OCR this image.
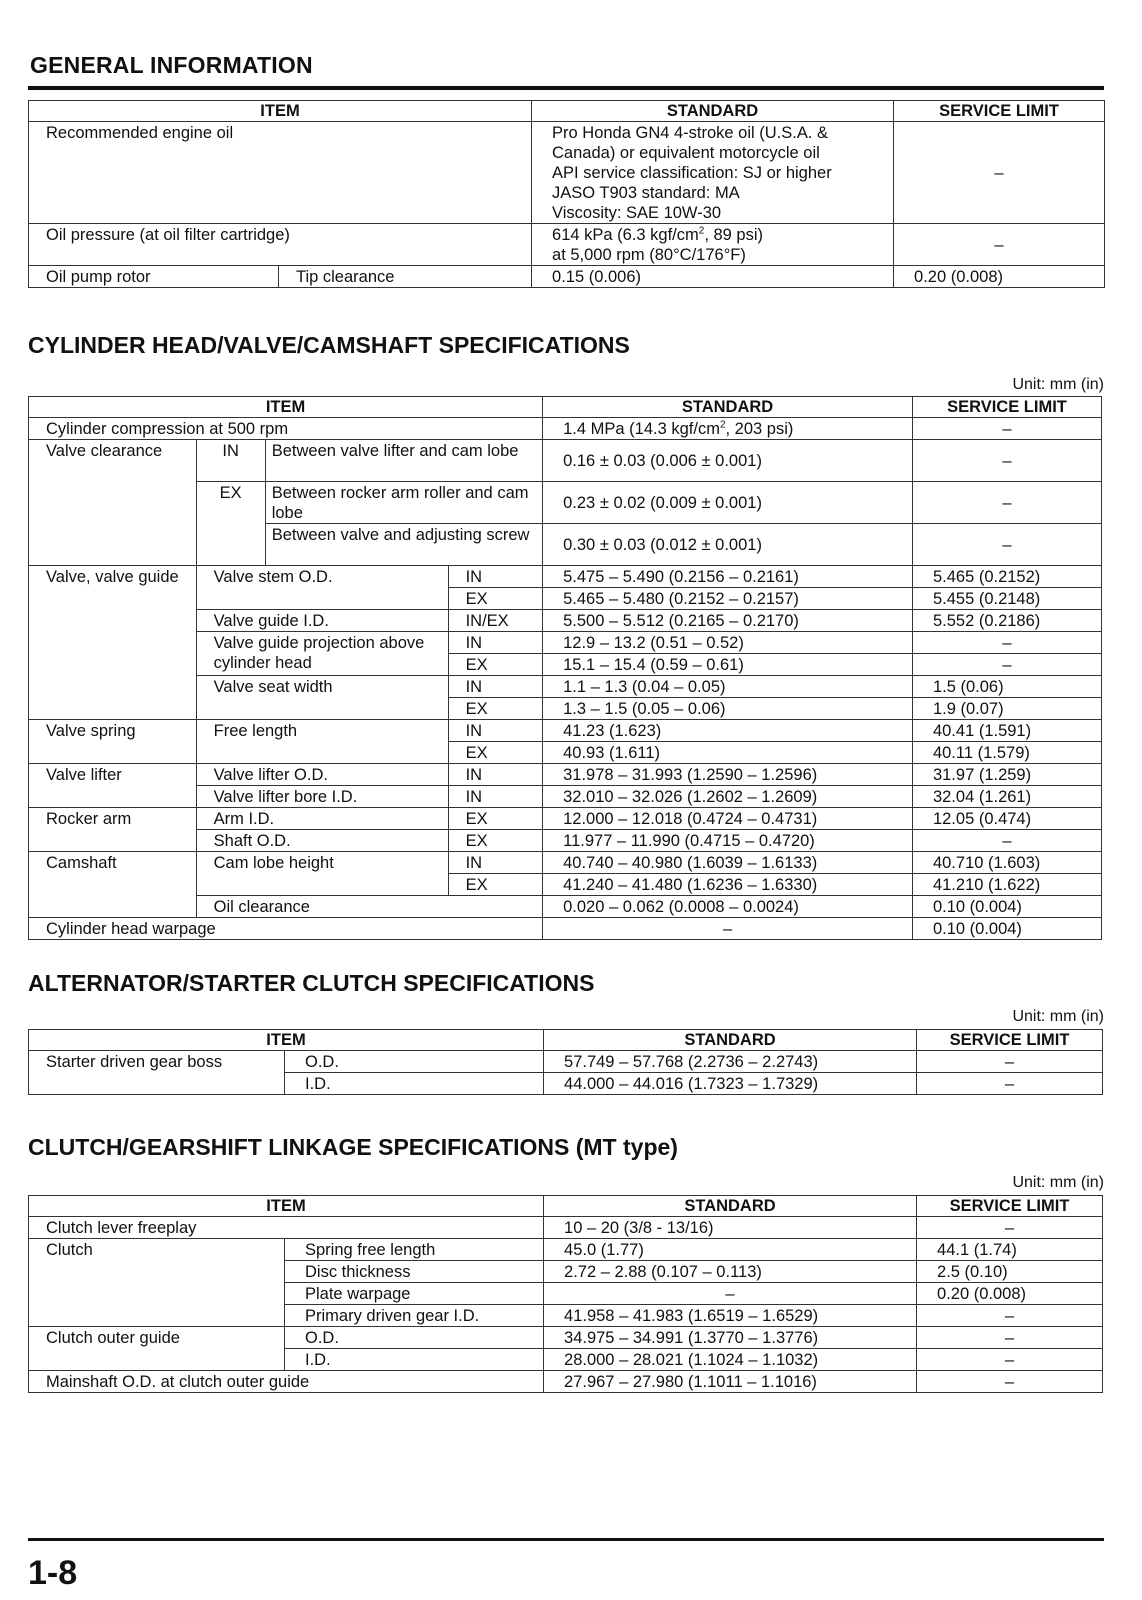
GENERAL INFORMATION
ITEM		STANDARD	SERVICE LIMIT
Recommended engine oil		Pro Honda GN4 4-stroke oil (U.S.A. &
Canada) or equivalent motorcycle oil
API service classification: SJ or higher
JASO T903 standard: MA
Viscosity: SAE 10W-30	–
Oil pressure (at oil filter cartridge)		614 kPa (6.3 kgf/$cm^2$, 89 psi)
at 5,000 rpm (80°C/176°F)	–
Oil pump rotor	Tip clearance	0.15 (0.006)	0.20 (0.008)
CYLINDER HEAD/VALVE/CAMSHAFT SPECIFICATIONS
Unit: mm (in)
ITEM				STANDARD	SERVICE LIMIT
Cylinder compression at 500 rpm				1.4 MPa (14.3 kgf/$cm^2$, 203 psi)	–
Valve clearance	IN	Between valve lifter and cam lobe		0.16 ± 0.03 (0.006 ± 0.001)	–
	EX	Between rocker arm roller and cam lobe		0.23 ± 0.02 (0.009 ± 0.001)	–
		Between valve and adjusting screw		0.30 ± 0.03 (0.012 ± 0.001)	–
Valve, valve guide	Valve stem O.D.		IN	5.475 – 5.490 (0.2156 – 0.2161)	5.465 (0.2152)
			EX	5.465 – 5.480 (0.2152 – 0.2157)	5.455 (0.2148)
	Valve guide I.D.		IN/EX	5.500 – 5.512 (0.2165 – 0.2170)	5.552 (0.2186)
	Valve guide projection above cylinder head		IN	12.9 – 13.2 (0.51 – 0.52)	–
			EX	15.1 – 15.4 (0.59 – 0.61)	–
	Valve seat width		IN	1.1 – 1.3 (0.04 – 0.05)	1.5 (0.06)
			EX	1.3 – 1.5 (0.05 – 0.06)	1.9 (0.07)
Valve spring	Free length		IN	41.23 (1.623)	40.41 (1.591)
			EX	40.93 (1.611)	40.11 (1.579)
Valve lifter	Valve lifter O.D.		IN	31.978 – 31.993 (1.2590 – 1.2596)	31.97 (1.259)
	Valve lifter bore I.D.		IN	32.010 – 32.026 (1.2602 – 1.2609)	32.04 (1.261)
Rocker arm	Arm I.D.		EX	12.000 – 12.018 (0.4724 – 0.4731)	12.05 (0.474)
	Shaft O.D.		EX	11.977 – 11.990 (0.4715 – 0.4720)	–
Camshaft	Cam lobe height		IN	40.740 – 40.980 (1.6039 – 1.6133)	40.710 (1.603)
			EX	41.240 – 41.480 (1.6236 – 1.6330)	41.210 (1.622)
	Oil clearance			0.020 – 0.062 (0.0008 – 0.0024)	0.10 (0.004)
Cylinder head warpage				–	0.10 (0.004)
ALTERNATOR/STARTER CLUTCH SPECIFICATIONS
Unit: mm (in)
ITEM		STANDARD	SERVICE LIMIT
Starter driven gear boss	O.D.	57.749 – 57.768 (2.2736 – 2.2743)	–
	I.D.	44.000 – 44.016 (1.7323 – 1.7329)	–
CLUTCH/GEARSHIFT LINKAGE SPECIFICATIONS (MT type)
Unit: mm (in)
ITEM		STANDARD	SERVICE LIMIT
Clutch lever freeplay		10 – 20 (3/8 - 13/16)	–
Clutch	Spring free length	45.0 (1.77)	44.1 (1.74)
	Disc thickness	2.72 – 2.88 (0.107 – 0.113)	2.5 (0.10)
	Plate warpage	–	0.20 (0.008)
	Primary driven gear I.D.	41.958 – 41.983 (1.6519 – 1.6529)	–
Clutch outer guide	O.D.	34.975 – 34.991 (1.3770 – 1.3776)	–
	I.D.	28.000 – 28.021 (1.1024 – 1.1032)	–
Mainshaft O.D. at clutch outer guide		27.967 – 27.980 (1.1011 – 1.1016)	–
1-8
